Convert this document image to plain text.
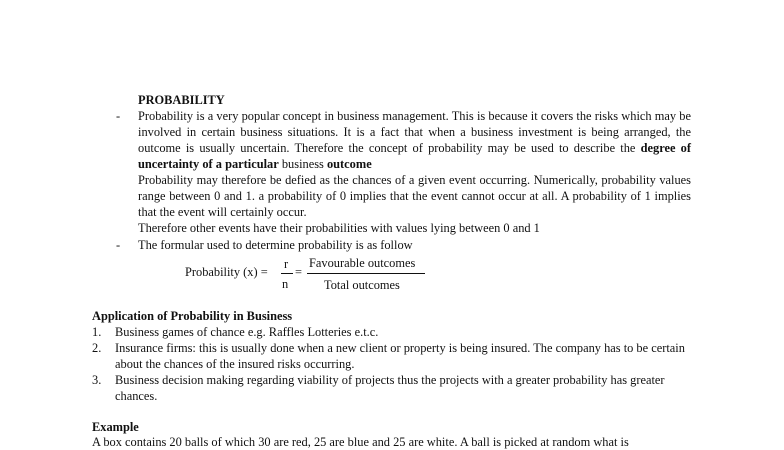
PROBABILITY
-	Probability is a very popular concept in business management. This is because it covers the risks which may be involved in certain business situations. It is a fact that when a business investment is being arranged, the outcome is usually uncertain. Therefore the concept of probability may be used to describe the degree of uncertainty of a particular business outcome
Probability may therefore be defied as the chances of a given event occurring. Numerically, probability values range between 0 and 1. a probability of 0 implies that the event cannot occur at all. A probability of 1 implies that the event will certainly occur.
Therefore other events have their probabilities with values lying between 0 and 1
-	The formular used to determine probability is as follow
Probability (x) =
r
n
=
Favourable outcomes
Total outcomes
Application of Probability in Business
1.	Business games of chance e.g. Raffles Lotteries e.t.c.
2.	Insurance firms: this is usually done when a new client or property is being insured. The company has to be certain about the chances of the insured risks occurring.
3.	Business decision making regarding viability of projects thus the projects with a greater probability has greater chances.
Example
A box contains 20 balls of which 30 are red, 25 are blue and 25 are white. A ball is picked at random what is
